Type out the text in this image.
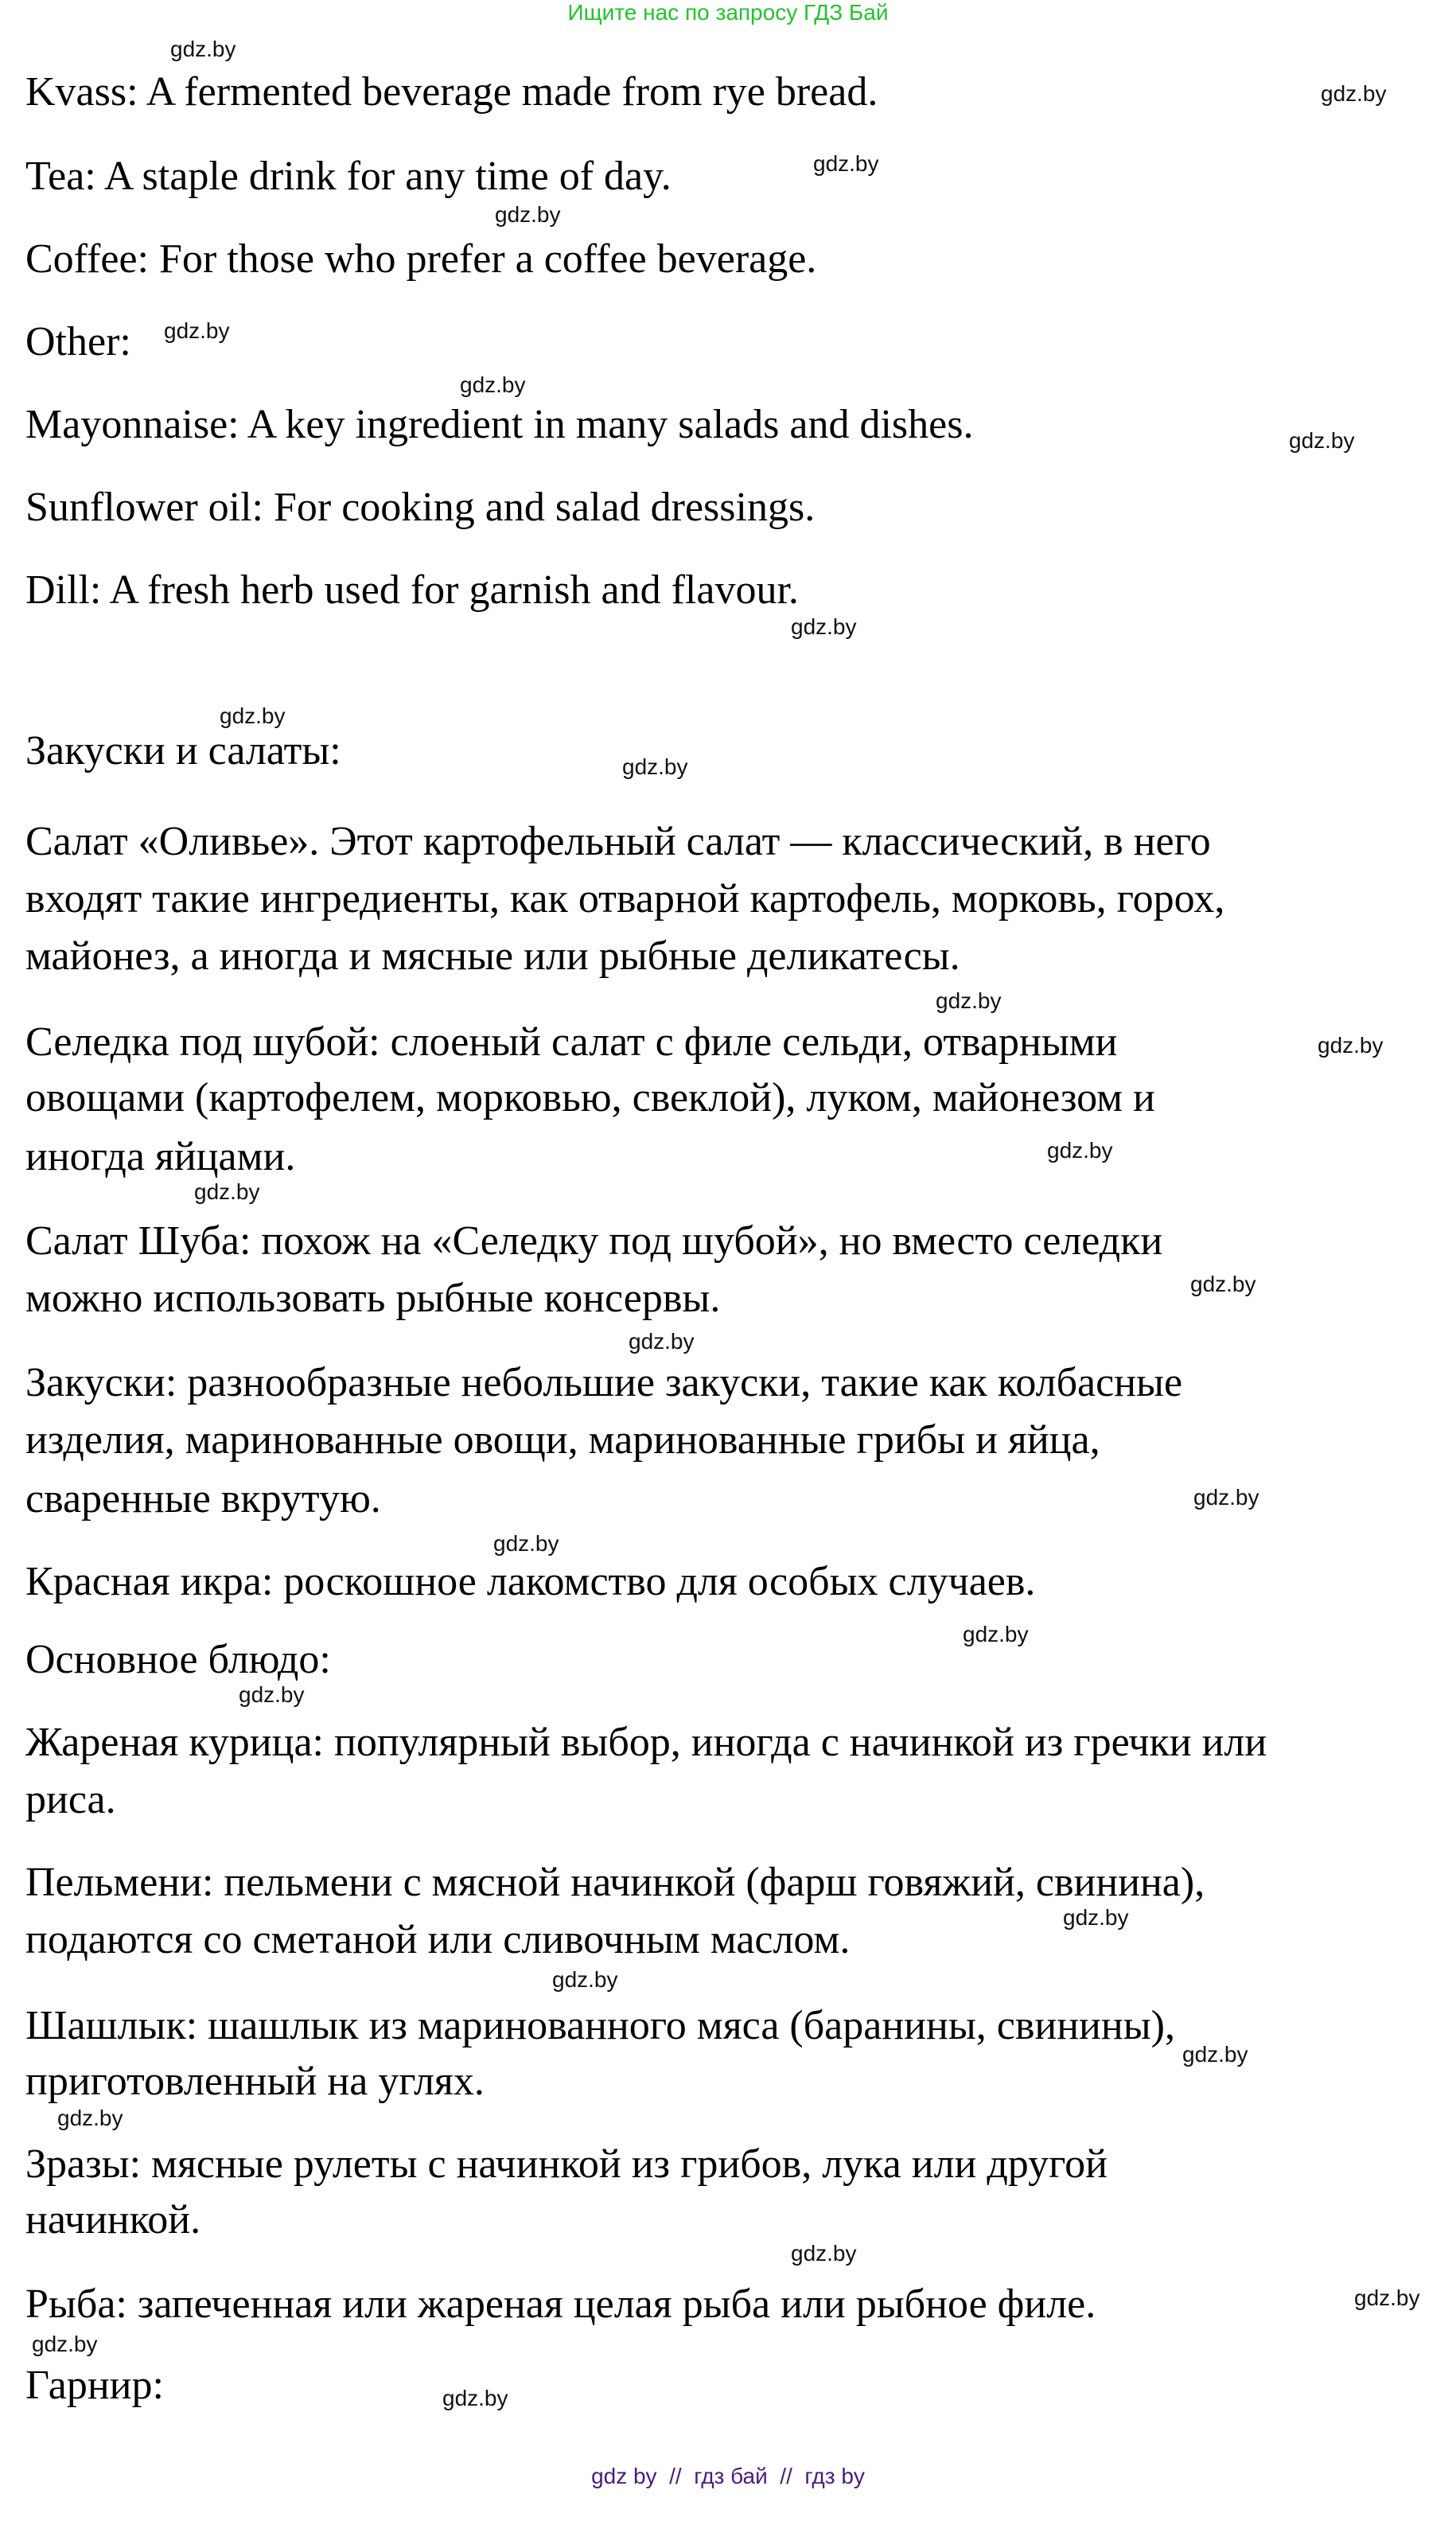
Ищите нас по запросу ГДЗ Бай

Kvass: A fermented beverage made from rye bread.

Tea: A staple drink for any time of day.

Coffee: For those who prefer a coffee beverage.

Other:

Mayonnaise: A key ingredient in many salads and dishes.

Sunflower oil: For cooking and salad dressings.

Dill: A fresh herb used for garnish and flavour.

Закуски и салаты:

Салат «Оливье». Этот картофельный салат — классический, в него

входят такие ингредиенты, как отварной картофель, морковь, горох,

майонез, а иногда и мясные или рыбные деликатесы.

Селедка под шубой: слоеный салат с филе сельди, отварными

овощами (картофелем, морковью, свеклой), луком, майонезом и

иногда яйцами.

Салат Шуба: похож на «Селедку под шубой», но вместо селедки

можно использовать рыбные консервы.

Закуски: разнообразные небольшие закуски, такие как колбасные

изделия, маринованные овощи, маринованные грибы и яйца,

сваренные вкрутую.

Красная икра: роскошное лакомство для особых случаев.

Основное блюдо:

Жареная курица: популярный выбор, иногда с начинкой из гречки или

риса.

Пельмени: пельмени с мясной начинкой (фарш говяжий, свинина),

подаются со сметаной или сливочным маслом.

Шашлык: шашлык из маринованного мяса (баранины, свинины),

приготовленный на углях.

Зразы: мясные рулеты с начинкой из грибов, лука или другой

начинкой.

Рыба: запеченная или жареная целая рыба или рыбное филе.

Гарнир:

gdz.by
gdz.by
gdz.by
gdz.by
gdz.by
gdz.by
gdz.by
gdz.by
gdz.by
gdz.by
gdz.by
gdz.by
gdz.by
gdz.by
gdz.by
gdz.by
gdz.by
gdz.by
gdz.by
gdz.by
gdz.by
gdz.by
gdz.by
gdz.by
gdz.by
gdz.by
gdz.by
gdz.by
gdz by  //  гдз бай  //  гдз by
